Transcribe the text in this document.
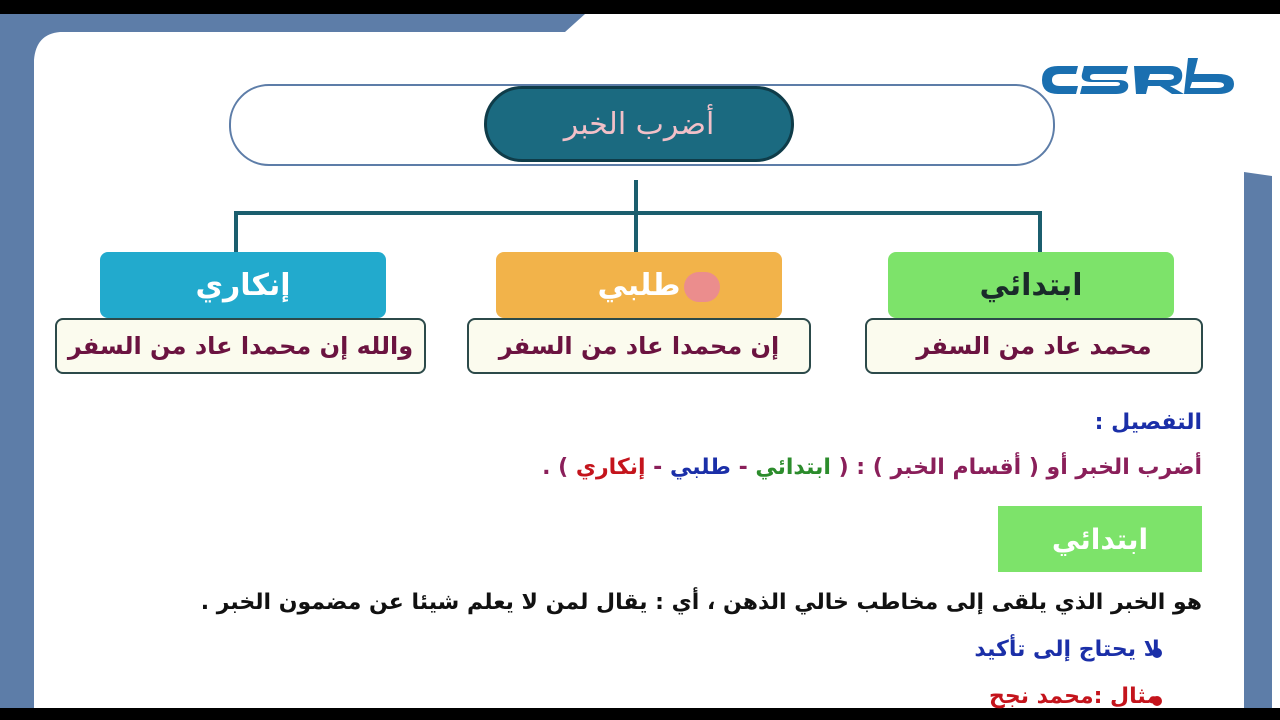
أضرب الخبر
إنكاري	طلبي	ابتدائي
والله إن محمدا عاد من السفر	إن محمدا عاد من السفر	محمد عاد من السفر
التفصيل :
أضرب الخبر أو ( أقسام الخبر ) : ( ابتدائي - طلبي - إنكاري ) .
ابتدائي
هو الخبر الذي يلقى إلى مخاطب خالي الذهن ، أي : يقال لمن لا يعلم شيئا عن مضمون الخبر .
لا يحتاج إلى تأكيد
مثال :محمد نجح
